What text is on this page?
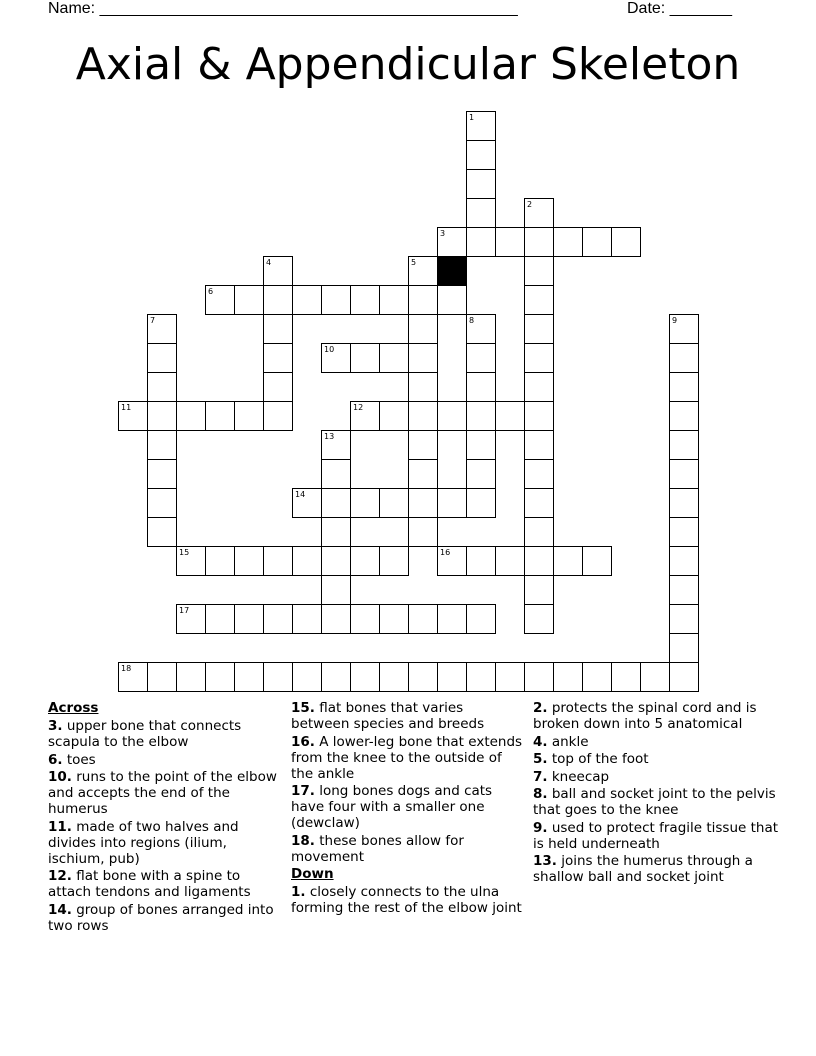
Name: _______________________________________________	Date: _______
Axial & Appendicular Skeleton
1
2
3
4	5
6
7	8	9
10
11	12
13
14
15	16
17
18
Across
3. upper bone that connects scapula to the elbow
6. toes
10. runs to the point of the elbow and accepts the end of the humerus
11. made of two halves and divides into regions (ilium, ischium, pub)
12. flat bone with a spine to attach tendons and ligaments
14. group of bones arranged into two rows
15. flat bones that varies between species and breeds
16. A lower-leg bone that extends from the knee to the outside of the ankle
17. long bones dogs and cats have four with a smaller one (dewclaw)
18. these bones allow for movement
Down
1. closely connects to the ulna forming the rest of the elbow joint
2. protects the spinal cord and is broken down into 5 anatomical
4. ankle
5. top of the foot
7. kneecap
8. ball and socket joint to the pelvis that goes to the knee
9. used to protect fragile tissue that is held underneath
13. joins the humerus through a shallow ball and socket joint
